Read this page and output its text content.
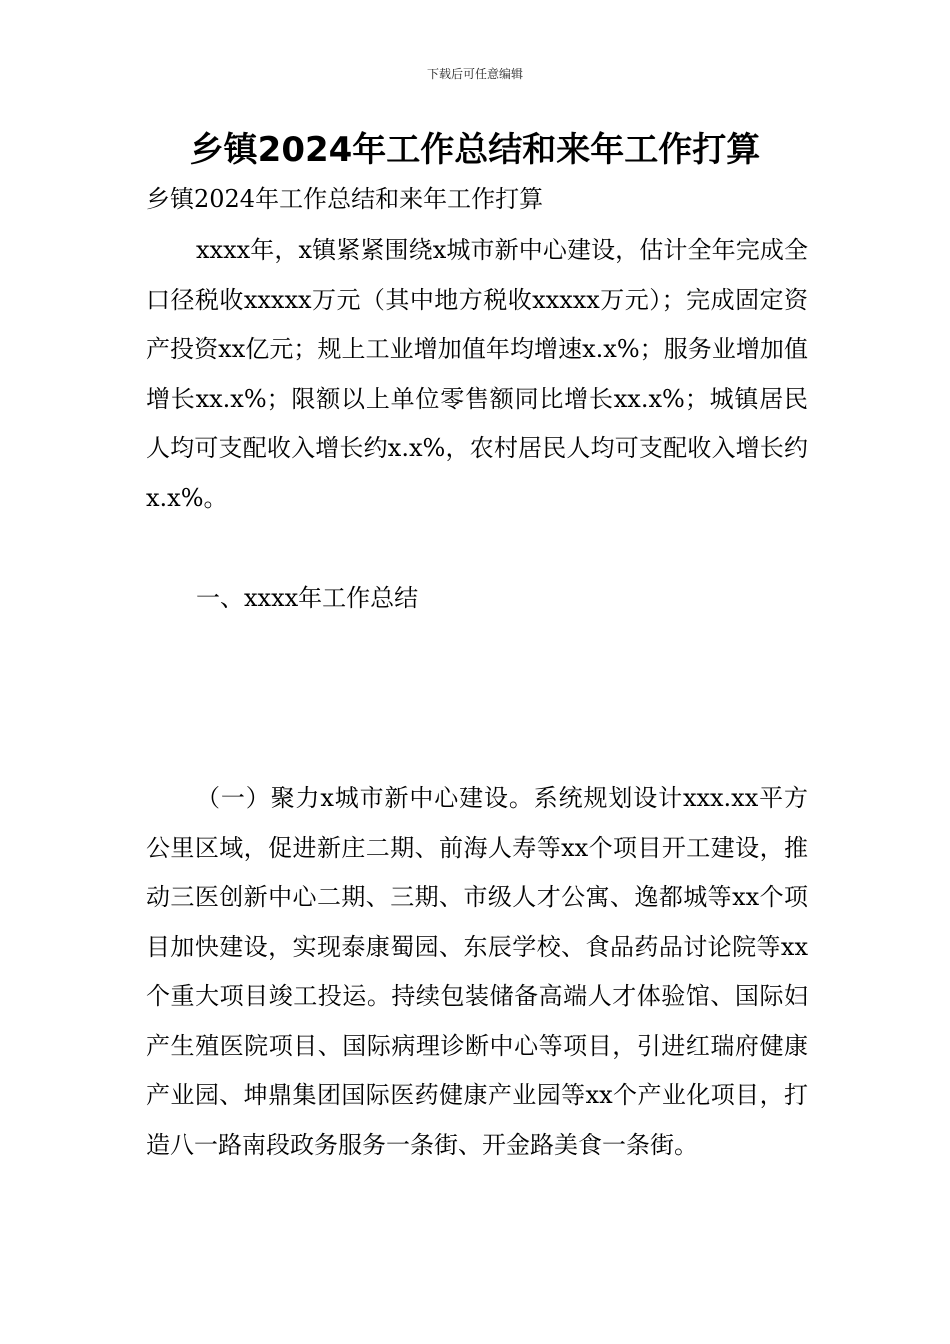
下载后可任意编辑
乡镇2024年工作总结和来年工作打算
乡镇2024年工作总结和来年工作打算

xxxx年，x镇紧紧围绕x城市新中心建设，估计全年完成全口径税收xxxxx万元（其中地方税收xxxxx万元）；完成固定资产投资xx亿元；规上工业增加值年均增速x.x%；服务业增加值增长xx.x%；限额以上单位零售额同比增长xx.x%；城镇居民人均可支配收入增长约x.x%，农村居民人均可支配收入增长约x.x%。

一、xxxx年工作总结

（一）聚力x城市新中心建设。系统规划设计xxx.xx平方公里区域，促进新庄二期、前海人寿等xx个项目开工建设，推动三医创新中心二期、三期、市级人才公寓、逸都城等xx个项目加快建设，实现泰康蜀园、东辰学校、食品药品讨论院等xx个重大项目竣工投运。持续包装储备高端人才体验馆、国际妇产生殖医院项目、国际病理诊断中心等项目，引进红瑞府健康产业园、坤鼎集团国际医药健康产业园等xx个产业化项目，打造八一路南段政务服务一条街、开金路美食一条街。
